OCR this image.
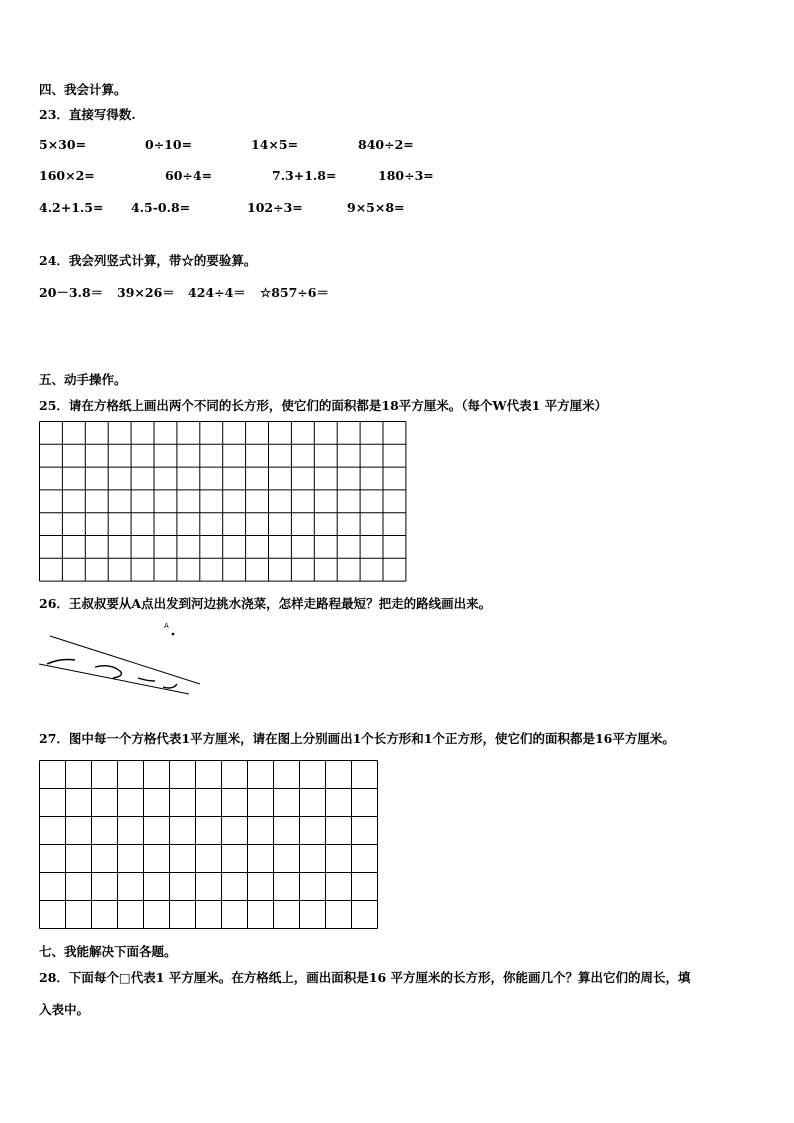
四、我会计算。
23．直接写得数.
5×30=	0÷10=	14×5=	840÷2=
160×2=	60÷4=	7.3+1.8=	180÷3=
4.2+1.5= 4.5-0.8=	102÷3=	9×5×8=
24．我会列竖式计算，带☆的要验算。
20－3.8＝ 39×26＝ 424÷4＝ ☆857÷6＝
五、动手操作。
25．请在方格纸上画出两个不同的长方形，使它们的面积都是18平方厘米。（每个W代表1 平方厘米）
26．王叔叔要从A点出发到河边挑水浇菜，怎样走路程最短？把走的路线画出来。
A
27．图中每一个方格代表1平方厘米，请在图上分别画出1个长方形和1个正方形，使它们的面积都是16平方厘米。
七、我能解决下面各题。
28．下面每个□代表1 平方厘米。在方格纸上，画出面积是16 平方厘米的长方形，你能画几个？算出它们的周长，填
入表中。
